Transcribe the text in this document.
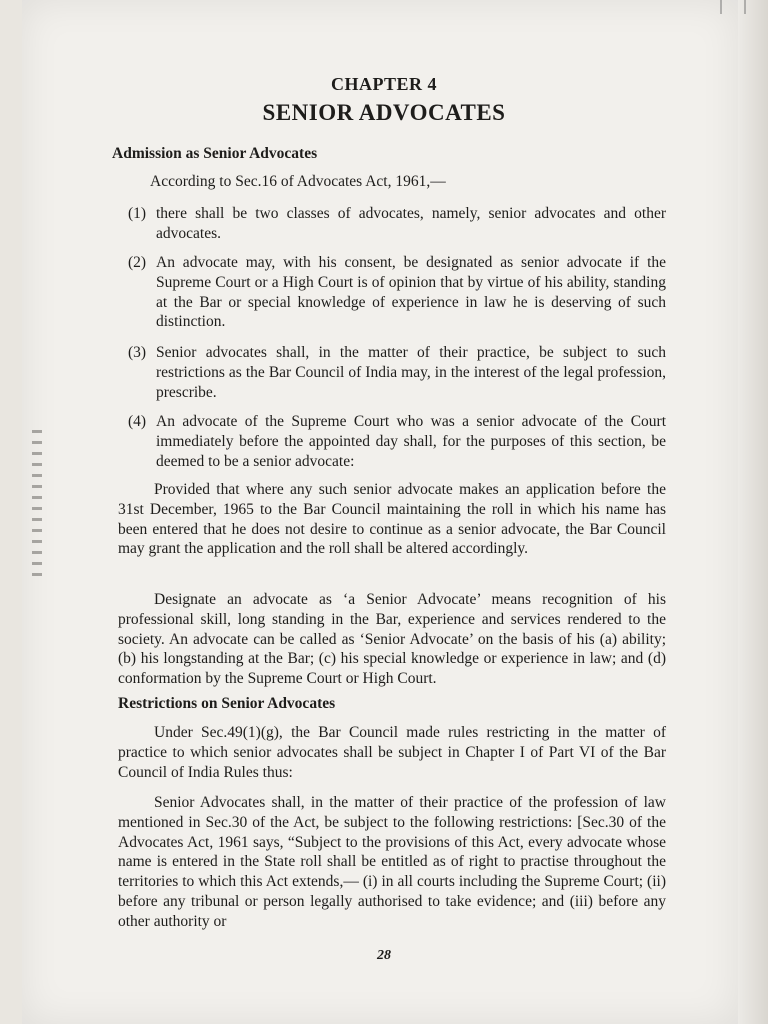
CHAPTER 4
SENIOR ADVOCATES
Admission as Senior Advocates
According to Sec.16 of Advocates Act, 1961,—
(1) there shall be two classes of advocates, namely, senior advocates and other advocates.
(2) An advocate may, with his consent, be designated as senior advocate if the Supreme Court or a High Court is of opinion that by virtue of his ability, standing at the Bar or special knowledge of experience in law he is deserving of such distinction.
(3) Senior advocates shall, in the matter of their practice, be subject to such restrictions as the Bar Council of India may, in the interest of the legal profession, prescribe.
(4) An advocate of the Supreme Court who was a senior advocate of the Court immediately before the appointed day shall, for the purposes of this section, be deemed to be a senior advocate:
Provided that where any such senior advocate makes an application before the 31st December, 1965 to the Bar Council maintaining the roll in which his name has been entered that he does not desire to continue as a senior advocate, the Bar Council may grant the application and the roll shall be altered accordingly.
Designate an advocate as ‘a Senior Advocate’ means recognition of his professional skill, long standing in the Bar, experience and services rendered to the society. An advocate can be called as ‘Senior Advocate’ on the basis of his (a) ability; (b) his longstanding at the Bar; (c) his special knowledge or experience in law; and (d) conformation by the Supreme Court or High Court.
Restrictions on Senior Advocates
Under Sec.49(1)(g), the Bar Council made rules restricting in the matter of practice to which senior advocates shall be subject in Chapter I of Part VI of the Bar Council of India Rules thus:
Senior Advocates shall, in the matter of their practice of the profession of law mentioned in Sec.30 of the Act, be subject to the following restrictions: [Sec.30 of the Advocates Act, 1961 says, “Subject to the provisions of this Act, every advocate whose name is entered in the State roll shall be entitled as of right to practise throughout the territories to which this Act extends,— (i) in all courts including the Supreme Court; (ii) before any tribunal or person legally authorised to take evidence; and (iii) before any other authority or
28
